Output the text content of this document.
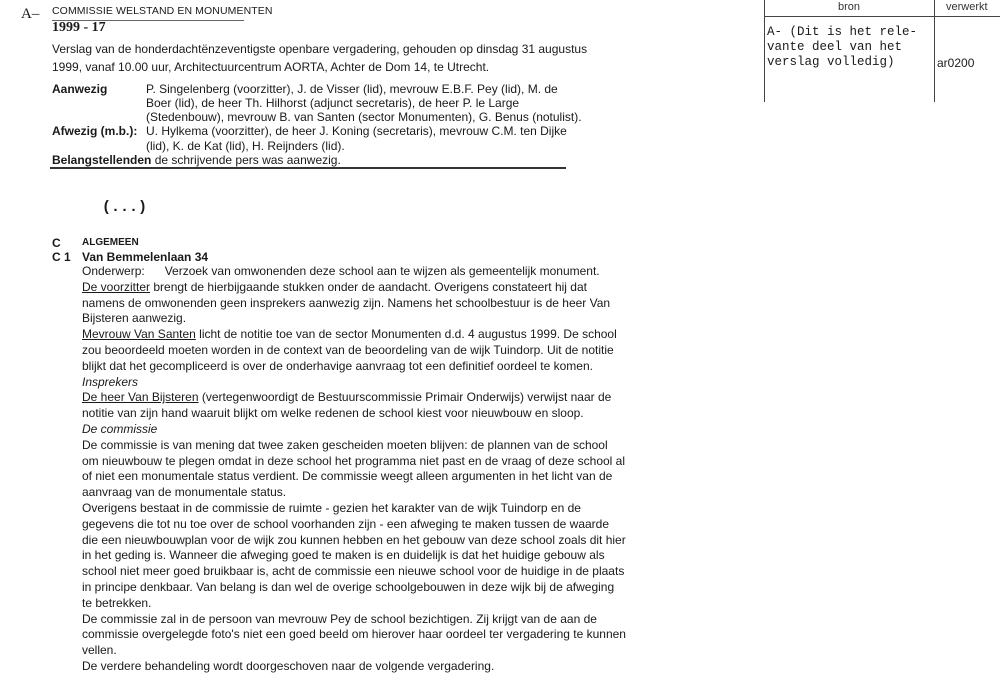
A– COMMISSIE WELSTAND EN MONUMENTEN
1999 - 17
Verslag van de honderdachtënzeventigste openbare vergadering, gehouden op dinsdag 31 augustus
1999, vanaf 10.00 uur, Architectuurcentrum AORTA, Achter de Dom 14, te Utrecht.
Aanwezig	P. Singelenberg (voorzitter), J. de Visser (lid), mevrouw E.B.F. Pey (lid), M. de
Boer (lid), de heer Th. Hilhorst (adjunct secretaris), de heer P. le Large
(Stedenbouw), mevrouw B. van Santen (sector Monumenten), G. Benus (notulist).
Afwezig (m.b.): U. Hylkema (voorzitter), de heer J. Koning (secretaris), mevrouw C.M. ten Dijke
(lid), K. de Kat (lid), H. Reijnders (lid).
Belangstellenden de schrijvende pers was aanwezig.
(...)
C ALGEMEEN
C 1 Van Bemmelenlaan 34
Onderwerp:      Verzoek van omwonenden deze school aan te wijzen als gemeentelijk monument.
De voorzitter brengt de hierbijgaande stukken onder de aandacht. Overigens constateert hij dat
namens de omwonenden geen insprekers aanwezig zijn. Namens het schoolbestuur is de heer Van
Bijsteren aanwezig.
Mevrouw Van Santen licht de notitie toe van de sector Monumenten d.d. 4 augustus 1999. De school
zou beoordeeld moeten worden in de context van de beoordeling van de wijk Tuindorp. Uit de notitie
blijkt dat het gecompliceerd is over de onderhavige aanvraag tot een definitief oordeel te komen.
Insprekers
De heer Van Bijsteren (vertegenwoordigt de Bestuurscommissie Primair Onderwijs) verwijst naar de
notitie van zijn hand waaruit blijkt om welke redenen de school kiest voor nieuwbouw en sloop.
De commissie
De commissie is van mening dat twee zaken gescheiden moeten blijven: de plannen van de school
om nieuwbouw te plegen omdat in deze school het programma niet past en de vraag of deze school al
of niet een monumentale status verdient. De commissie weegt alleen argumenten in het licht van de
aanvraag van de monumentale status.
Overigens bestaat in de commissie de ruimte - gezien het karakter van de wijk Tuindorp en de
gegevens die tot nu toe over de school voorhanden zijn - een afweging te maken tussen de waarde
die een nieuwbouwplan voor de wijk zou kunnen hebben en het gebouw van deze school zoals dit hier
in het geding is. Wanneer die afweging goed te maken is en duidelijk is dat het huidige gebouw als
school niet meer goed bruikbaar is, acht de commissie een nieuwe school voor de huidige in de plaats
in principe denkbaar. Van belang is dan wel de overige schoolgebouwen in deze wijk bij de afweging
te betrekken.
De commissie zal in de persoon van mevrouw Pey de school bezichtigen. Zij krijgt van de aan de
commissie overgelegde foto's niet een goed beeld om hierover haar oordeel ter vergadering te kunnen
vellen.
De verdere behandeling wordt doorgeschoven naar de volgende vergadering.
bron	verwerkt
A- (Dit is het rele-
vante deel van het
verslag volledig)	ar0200
